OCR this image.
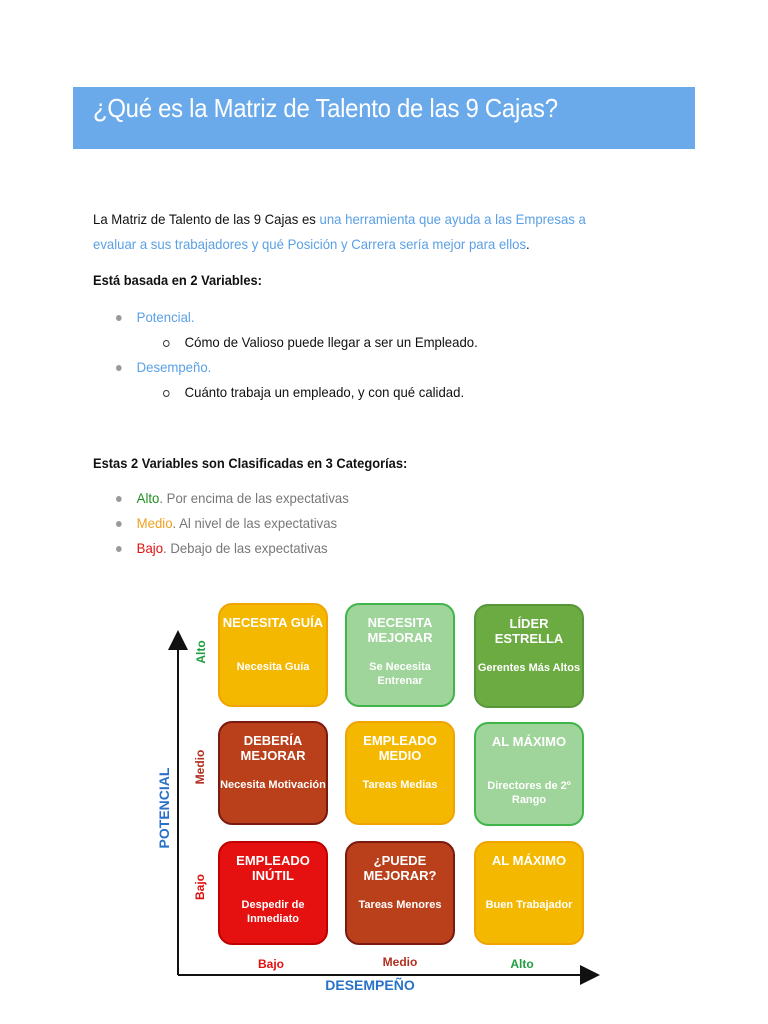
¿Qué es la Matriz de Talento de las 9 Cajas?
La Matriz de Talento de las 9 Cajas es una herramienta que ayuda a las Empresas a evaluar a sus trabajadores y qué Posición y Carrera sería mejor para ellos.
Está basada en 2 Variables:
Potencial.
Cómo de Valioso puede llegar a ser un Empleado.
Desempeño.
Cuánto trabaja un empleado, y con qué calidad.
Estas 2 Variables son Clasificadas en 3 Categorías:
Alto. Por encima de las expectativas
Medio. Al nivel de las expectativas
Bajo. Debajo de las expectativas
Alto
Medio
Bajo
POTENCIAL
Bajo	Medio	Alto
DESEMPEÑO
NECESITA GUÍA
Necesita Guía
NECESITA MEJORAR
Se Necesita Entrenar
LÍDER ESTRELLA
Gerentes Más Altos
DEBERÍA MEJORAR
Necesita Motivación
EMPLEADO MEDIO
Tareas Medias
AL MÁXIMO
Directores de 2º Rango
EMPLEADO INÚTIL
Despedir de Inmediato
¿PUEDE MEJORAR?
Tareas Menores
AL MÁXIMO
Buen Trabajador
